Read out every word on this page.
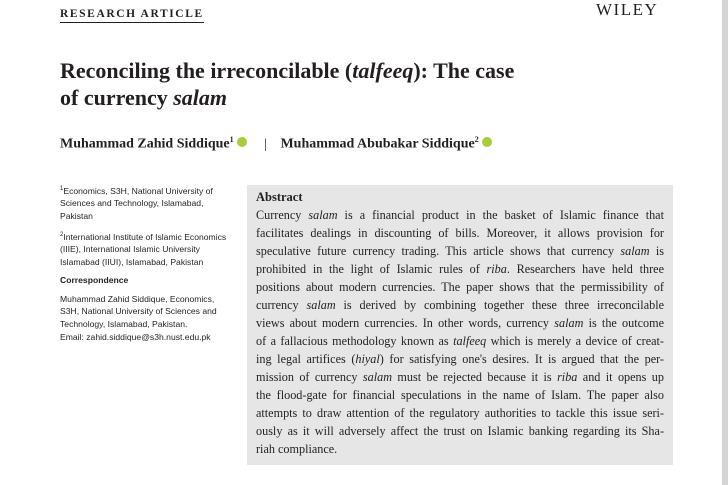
RESEARCH ARTICLE	WILEY
Reconciling the irreconcilable (talfeeq): The case
of currency salam
Muhammad Zahid Siddique$^1$ | Muhammad Abubakar Siddique$^2$

$^1$Economics, S3H, National University of Sciences and Technology, Islamabad, Pakistan

$^2$International Institute of Islamic Economics (IIIE), International Islamic University Islamabad (IIUI), Islamabad, Pakistan

Correspondence

Muhammad Zahid Siddique, Economics, S3H, National University of Sciences and Technology, Islamabad, Pakistan.

Email: zahid.siddique@s3h.nust.edu.pk

Abstract
Currency salam is a financial product in the basket of Islamic finance that
facilitates dealings in discounting of bills. Moreover, it allows provision for
speculative future currency trading. This article shows that currency salam is
prohibited in the light of Islamic rules of riba. Researchers have held three
positions about modern currencies. The paper shows that the permissibility of
currency salam is derived by combining together these three irreconcilable
views about modern currencies. In other words, currency salam is the outcome
of a fallacious methodology known as talfeeq which is merely a device of creat-
ing legal artifices (hiyal) for satisfying one's desires. It is argued that the per-
mission of currency salam must be rejected because it is riba and it opens up
the flood-gate for financial speculations in the name of Islam. The paper also
attempts to draw attention of the regulatory authorities to tackle this issue seri-
ously as it will adversely affect the trust on Islamic banking regarding its Sha-
riah compliance.
